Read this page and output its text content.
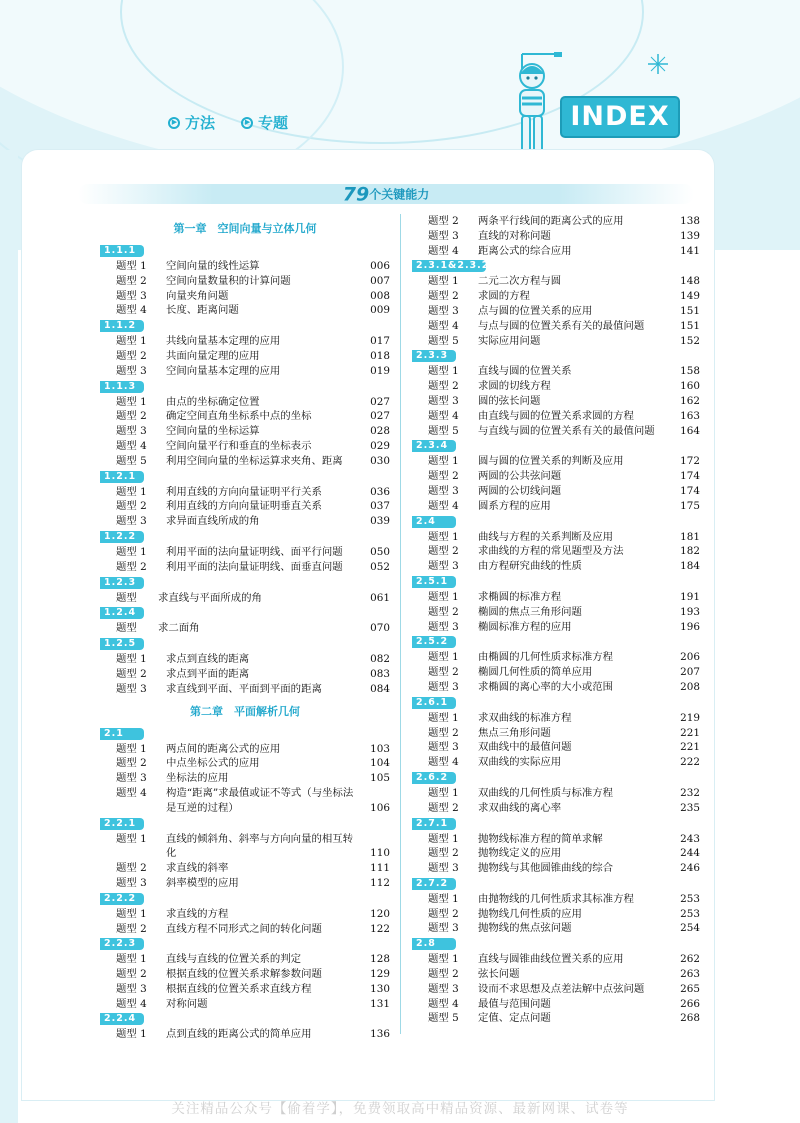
▶ 方法	▶ 专题	INDEX
79个关键能力
第一章　空间向量与立体几何
1.1.1
题型 1	空间向量的线性运算	006
题型 2	空间向量数量积的计算问题	007
题型 3	向量夹角问题	008
题型 4	长度、距离问题	009
1.1.2
题型 1	共线向量基本定理的应用	017
题型 2	共面向量定理的应用	018
题型 3	空间向量基本定理的应用	019
1.1.3
题型 1	由点的坐标确定位置	027
题型 2	确定空间直角坐标系中点的坐标	027
题型 3	空间向量的坐标运算	028
题型 4	空间向量平行和垂直的坐标表示	029
题型 5	利用空间向量的坐标运算求夹角、距离	030
1.2.1
题型 1	利用直线的方向向量证明平行关系	036
题型 2	利用直线的方向向量证明垂直关系	037
题型 3	求异面直线所成的角	039
1.2.2
题型 1	利用平面的法向量证明线、面平行问题	050
题型 2	利用平面的法向量证明线、面垂直问题	052
1.2.3
题型	求直线与平面所成的角	061
1.2.4
题型	求二面角	070
1.2.5
题型 1	求点到直线的距离	082
题型 2	求点到平面的距离	083
题型 3	求直线到平面、平面到平面的距离	084
第二章　平面解析几何
2.1
题型 1	两点间的距离公式的应用	103
题型 2	中点坐标公式的应用	104
题型 3	坐标法的应用	105
题型 4	构造“距离”求最值或证不等式（与坐标法是互逆的过程）	106
2.2.1
题型 1	直线的倾斜角、斜率与方向向量的相互转化	110
题型 2	求直线的斜率	111
题型 3	斜率模型的应用	112
2.2.2
题型 1	求直线的方程	120
题型 2	直线方程不同形式之间的转化问题	122
2.2.3
题型 1	直线与直线的位置关系的判定	128
题型 2	根据直线的位置关系求解参数问题	129
题型 3	根据直线的位置关系求直线方程	130
题型 4	对称问题	131
2.2.4
题型 1	点到直线的距离公式的简单应用	136
题型 2	两条平行线间的距离公式的应用	138
题型 3	直线的对称问题	139
题型 4	距离公式的综合应用	141
2.3.1&2.3.2
题型 1	二元二次方程与圆	148
题型 2	求圆的方程	149
题型 3	点与圆的位置关系的应用	151
题型 4	与点与圆的位置关系有关的最值问题	151
题型 5	实际应用问题	152
2.3.3
题型 1	直线与圆的位置关系	158
题型 2	求圆的切线方程	160
题型 3	圆的弦长问题	162
题型 4	由直线与圆的位置关系求圆的方程	163
题型 5	与直线与圆的位置关系有关的最值问题	164
2.3.4
题型 1	圆与圆的位置关系的判断及应用	172
题型 2	两圆的公共弦问题	174
题型 3	两圆的公切线问题	174
题型 4	圆系方程的应用	175
2.4
题型 1	曲线与方程的关系判断及应用	181
题型 2	求曲线的方程的常见题型及方法	182
题型 3	由方程研究曲线的性质	184
2.5.1
题型 1	求椭圆的标准方程	191
题型 2	椭圆的焦点三角形问题	193
题型 3	椭圆标准方程的应用	196
2.5.2
题型 1	由椭圆的几何性质求标准方程	206
题型 2	椭圆几何性质的简单应用	207
题型 3	求椭圆的离心率的大小或范围	208
2.6.1
题型 1	求双曲线的标准方程	219
题型 2	焦点三角形问题	221
题型 3	双曲线中的最值问题	221
题型 4	双曲线的实际应用	222
2.6.2
题型 1	双曲线的几何性质与标准方程	232
题型 2	求双曲线的离心率	235
2.7.1
题型 1	抛物线标准方程的简单求解	243
题型 2	抛物线定义的应用	244
题型 3	抛物线与其他圆锥曲线的综合	246
2.7.2
题型 1	由抛物线的几何性质求其标准方程	253
题型 2	抛物线几何性质的应用	253
题型 3	抛物线的焦点弦问题	254
2.8
题型 1	直线与圆锥曲线位置关系的应用	262
题型 2	弦长问题	263
题型 3	设而不求思想及点差法解中点弦问题	265
题型 4	最值与范围问题	266
题型 5	定值、定点问题	268
关注精品公众号【偷着学】，免费领取高中精品资源、最新网课、试卷等
